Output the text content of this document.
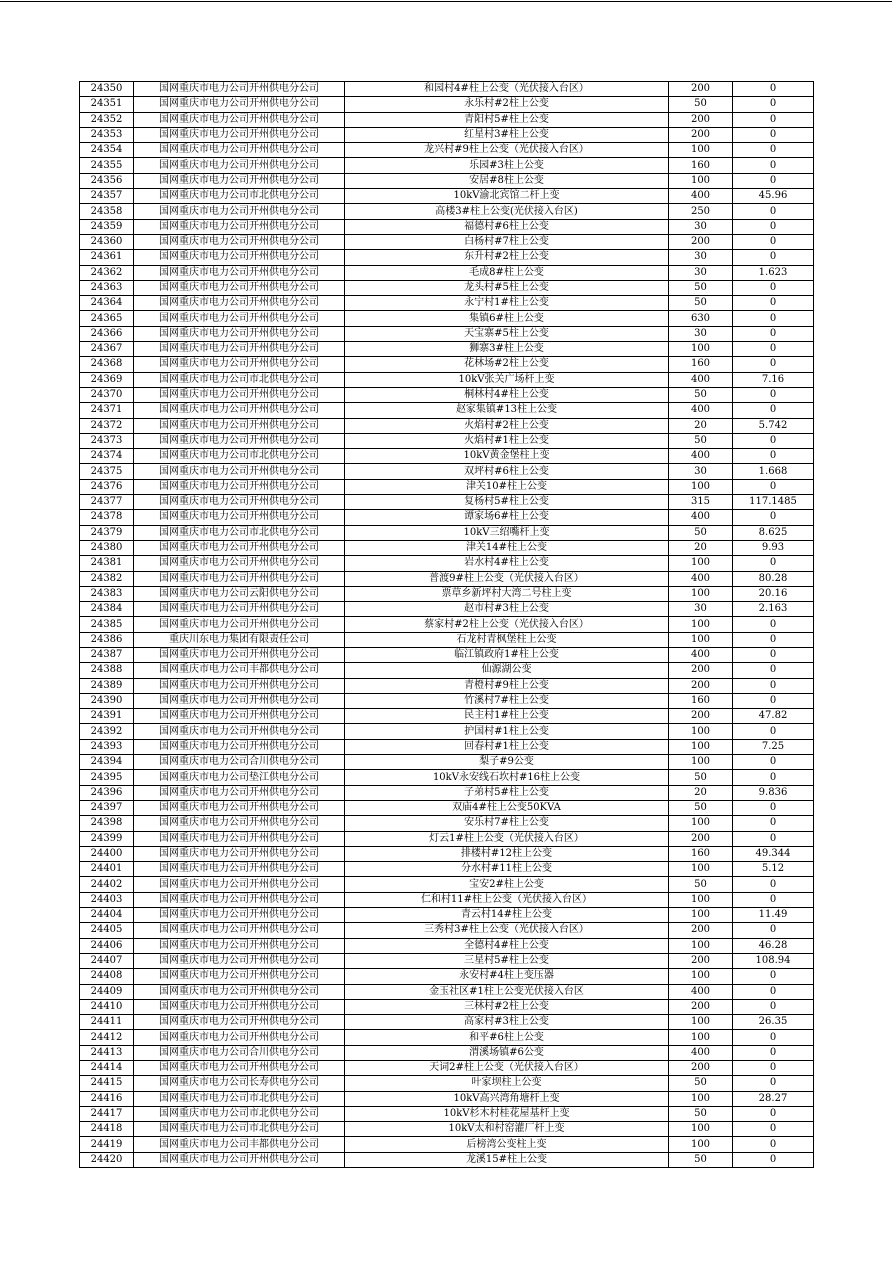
24350	国网重庆市电力公司开州供电分公司	和园村4#柱上公变（光伏接入台区）	200	0
24351	国网重庆市电力公司开州供电分公司	永乐村#2柱上公变	50	0
24352	国网重庆市电力公司开州供电分公司	青阳村5#柱上公变	200	0
24353	国网重庆市电力公司开州供电分公司	红星村3#柱上公变	200	0
24354	国网重庆市电力公司开州供电分公司	龙兴村#9柱上公变（光伏接入台区）	100	0
24355	国网重庆市电力公司开州供电分公司	乐园#3柱上公变	160	0
24356	国网重庆市电力公司开州供电分公司	安居#8柱上公变	100	0
24357	国网重庆市电力公司市北供电分公司	10kV渝北宾馆二杆上变	400	45.96
24358	国网重庆市电力公司开州供电分公司	高楼3#柱上公变(光伏接入台区)	250	0
24359	国网重庆市电力公司开州供电分公司	福德村#6柱上公变	30	0
24360	国网重庆市电力公司开州供电分公司	白杨村#7柱上公变	200	0
24361	国网重庆市电力公司开州供电分公司	东升村#2柱上公变	30	0
24362	国网重庆市电力公司开州供电分公司	毛成8#柱上公变	30	1.623
24363	国网重庆市电力公司开州供电分公司	龙头村#5柱上公变	50	0
24364	国网重庆市电力公司开州供电分公司	永宁村1#柱上公变	50	0
24365	国网重庆市电力公司开州供电分公司	集镇6#柱上公变	630	0
24366	国网重庆市电力公司开州供电分公司	天宝寨#5柱上公变	30	0
24367	国网重庆市电力公司开州供电分公司	狮寨3#柱上公变	100	0
24368	国网重庆市电力公司开州供电分公司	花林场#2柱上公变	160	0
24369	国网重庆市电力公司市北供电分公司	10kV张关广场杆上变	400	7.16
24370	国网重庆市电力公司开州供电分公司	桐林村4#柱上公变	50	0
24371	国网重庆市电力公司开州供电分公司	赵家集镇#13柱上公变	400	0
24372	国网重庆市电力公司开州供电分公司	火焰村#2柱上公变	20	5.742
24373	国网重庆市电力公司开州供电分公司	火焰村#1柱上公变	50	0
24374	国网重庆市电力公司市北供电分公司	10kV黄金堡柱上变	400	0
24375	国网重庆市电力公司开州供电分公司	双坪村#6柱上公变	30	1.668
24376	国网重庆市电力公司开州供电分公司	津关10#柱上公变	100	0
24377	国网重庆市电力公司开州供电分公司	复杨村5#柱上公变	315	117.1485
24378	国网重庆市电力公司开州供电分公司	谭家场6#柱上公变	400	0
24379	国网重庆市电力公司市北供电分公司	10kV三绍嘴杆上变	50	8.625
24380	国网重庆市电力公司开州供电分公司	津关14#柱上公变	20	9.93
24381	国网重庆市电力公司开州供电分公司	岩水村4#柱上公变	100	0
24382	国网重庆市电力公司开州供电分公司	普渡9#柱上公变（光伏接入台区）	400	80.28
24383	国网重庆市电力公司云阳供电分公司	票草乡新坪村大湾二号柱上变	100	20.16
24384	国网重庆市电力公司开州供电分公司	赵市村#3柱上公变	30	2.163
24385	国网重庆市电力公司开州供电分公司	蔡家村#2柱上公变（光伏接入台区）	100	0
24386	重庆川东电力集团有限责任公司	石龙村青枫堡柱上公变	100	0
24387	国网重庆市电力公司开州供电分公司	临江镇政府1#柱上公变	400	0
24388	国网重庆市电力公司丰都供电分公司	仙源湖公变	200	0
24389	国网重庆市电力公司开州供电分公司	青橙村#9柱上公变	200	0
24390	国网重庆市电力公司开州供电分公司	竹溪村7#柱上公变	160	0
24391	国网重庆市电力公司开州供电分公司	民主村1#柱上公变	200	47.82
24392	国网重庆市电力公司开州供电分公司	护国村#1柱上公变	100	0
24393	国网重庆市电力公司开州供电分公司	回春村#1柱上公变	100	7.25
24394	国网重庆市电力公司合川供电分公司	梨子#9公变	100	0
24395	国网重庆市电力公司垫江供电分公司	10kV永安线石坎村#16柱上公变	50	0
24396	国网重庆市电力公司开州供电分公司	子弟村5#柱上公变	20	9.836
24397	国网重庆市电力公司开州供电分公司	双庙4#柱上公变50KVA	50	0
24398	国网重庆市电力公司开州供电分公司	安乐村7#柱上公变	100	0
24399	国网重庆市电力公司开州供电分公司	灯云1#柱上公变（光伏接入台区）	200	0
24400	国网重庆市电力公司开州供电分公司	排楼村#12柱上公变	160	49.344
24401	国网重庆市电力公司开州供电分公司	分水村#11柱上公变	100	5.12
24402	国网重庆市电力公司开州供电分公司	宝安2#柱上公变	50	0
24403	国网重庆市电力公司开州供电分公司	仁和村11#柱上公变（光伏接入台区）	100	0
24404	国网重庆市电力公司开州供电分公司	青云村14#柱上公变	100	11.49
24405	国网重庆市电力公司开州供电分公司	三秀村3#柱上公变（光伏接入台区）	200	0
24406	国网重庆市电力公司开州供电分公司	全德村4#柱上公变	100	46.28
24407	国网重庆市电力公司开州供电分公司	三星村5#柱上公变	200	108.94
24408	国网重庆市电力公司开州供电分公司	永安村#4柱上变压器	100	0
24409	国网重庆市电力公司开州供电分公司	金玉社区#1柱上公变光伏接入台区	400	0
24410	国网重庆市电力公司开州供电分公司	三林村#2柱上公变	200	0
24411	国网重庆市电力公司开州供电分公司	高家村#3柱上公变	100	26.35
24412	国网重庆市电力公司开州供电分公司	和平#6柱上公变	100	0
24413	国网重庆市电力公司合川供电分公司	渭溪场镇#6公变	400	0
24414	国网重庆市电力公司开州供电分公司	天词2#柱上公变（光伏接入台区）	200	0
24415	国网重庆市电力公司长寿供电分公司	叶家坝柱上公变	50	0
24416	国网重庆市电力公司市北供电分公司	10kV高兴湾角塘杆上变	100	28.27
24417	国网重庆市电力公司市北供电分公司	10kV杉木村桂花屋基杆上变	50	0
24418	国网重庆市电力公司市北供电分公司	10kV太和村窑灌厂杆上变	100	0
24419	国网重庆市电力公司丰都供电分公司	后榜湾公变柱上变	100	0
24420	国网重庆市电力公司开州供电分公司	龙溪15#柱上公变	50	0
